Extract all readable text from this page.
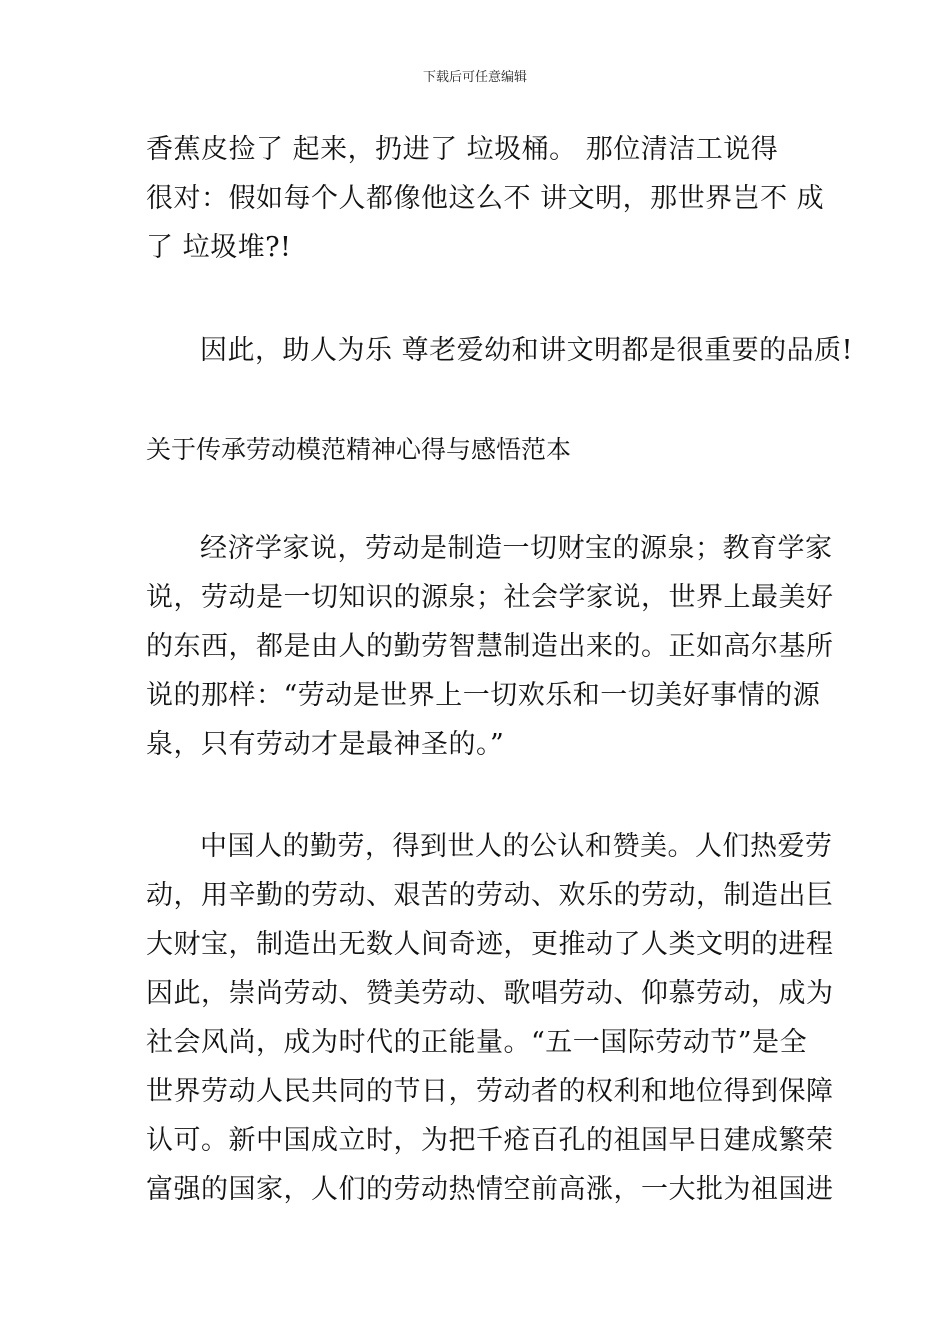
下载后可任意编辑
香蕉皮捡了 起来，扔进了 垃圾桶。 那位清洁工说得
很对：假如每个人都像他这么不 讲文明，那世界岂不 成
了 垃圾堆?!
因此，助人为乐 尊老爱幼和讲文明都是很重要的品质!
关于传承劳动模范精神心得与感悟范本
经济学家说，劳动是制造一切财宝的源泉；教育学家
说，劳动是一切知识的源泉；社会学家说，世界上最美好
的东西，都是由人的勤劳智慧制造出来的。正如高尔基所
说的那样：“劳动是世界上一切欢乐和一切美好事情的源
泉，只有劳动才是最神圣的。”
中国人的勤劳，得到世人的公认和赞美。人们热爱劳
动，用辛勤的劳动、艰苦的劳动、欢乐的劳动，制造出巨
大财宝，制造出无数人间奇迹，更推动了人类文明的进程
因此，崇尚劳动、赞美劳动、歌唱劳动、仰慕劳动，成为
社会风尚，成为时代的正能量。“五一国际劳动节”是全
世界劳动人民共同的节日，劳动者的权利和地位得到保障
认可。新中国成立时，为把千疮百孔的祖国早日建成繁荣
富强的国家，人们的劳动热情空前高涨，一大批为祖国进
